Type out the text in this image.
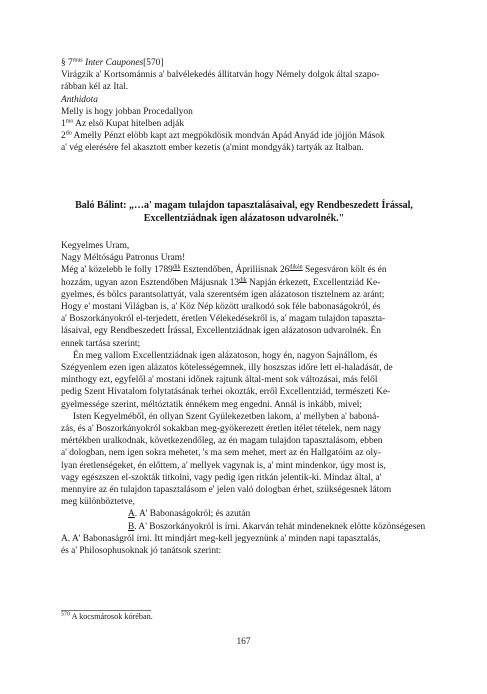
§ $7^{mus}$ Inter Caupones[570]

Virágzik a' Kortsománnis a' balvélekedés állítatván hogy Némely dolgok által szapo-

rábban kél az Ital.

Anthidota

Melly is hogy jobban Procedallyon

$1^{mo}$ Az elsö Kupat hitelben adják

$2^{do}$ Amelly Pénzt elöbb kapt azt megpökdösik mondván Apád Anyád ide jöjjön Mások

a' vég elerésére fel akasztott ember kezetis (a'mint mondgyák) tartyák az Italban.

Baló Bálint: „…a' magam tulajdon tapasztalásaival, egy Rendbeszedett Írással,
Excellentziádnak igen alázatoson udvarolnék."

Kegyelmes Uram,

Nagy Méltóságu Patronus Uram!

Még a' közelebb le folly $1789^{dik}$ Esztendőben, Ápriliisnak $26^{dikán}$ Segesváron költ és én

hozzám, ugyan azon Esztendőben Májusnak $13^{dik}$ Napján érkezett, Excellentziád Ke-

gyelmes, és bölcs parantsolattyát, vala szerentsém igen alázatoson tisztelnem az aránt;

Hogy e' mostani Világban is, a' Köz Nép között uralkodó sok féle babonaságokról, és

a' Boszorkányokról el-terjedett, éretlen Vélekedésekről is, a' magam tulajdon tapaszta-

lásaival, egy Rendbeszedett Írással, Excellentziádnak igen alázatoson udvarolnék. Én

ennek tartása szerint;

Én meg vallom Excellentziádnak igen alázatoson, hogy én, nagyon Sajnállom, és

Szégyenlem ezen igen alázatos kötelességemnek, illy hoszszas időre lett el-haladását, de

minthogy ezt, egyfelől a' mostani időnek rajtunk által-ment sok változásai, más felől

pedig Szent Hivatalom folytatásának terhei okozták, erről Excellentziád, természeti Ke-

gyelmessége szerint, méltóztatik énnékem meg engedni. Annál is inkább, mivel;

Isten Kegyelméből, én ollyan Szent Gyülekezetben lakom, a' mellyben a' baboná-

zás, és a' Boszorkányokról sokakban meg-gyökerezett éretlen itélet tételek, nem nagy

mértékben uralkodnak, következendőleg, az én magam tulajdon tapasztalásom, ebben

a' dologban, nem igen sokra mehetet, 's ma sem mehet, mert az én Hallgatóim az oly-

lyan éretlenségeket, én előttem, a' mellyek vagynak is, a' mint mindenkor, úgy most is,

vagy egészszen el-szokták titkolni, vagy pedig igen ritkán jelentik-ki. Mindaz által, a'

mennyire az én tulajdon tapasztalásom e' jelen való dologban érhet, szükségesnek látom

meg különböztetve,

A. A' Babonaságokról; és azután

B. A' Boszorkányokról is írni. Akarván tehát mindeneknek elötte közönségesen

A. A' Babonaságról írni. Itt mindjárt meg-kell jegyeznünk a' minden napi tapasztalás,

és a' Philosophusoknak jó tanátsok szerint:

$^{570}$ A kocsmárosok kóréban.

167
